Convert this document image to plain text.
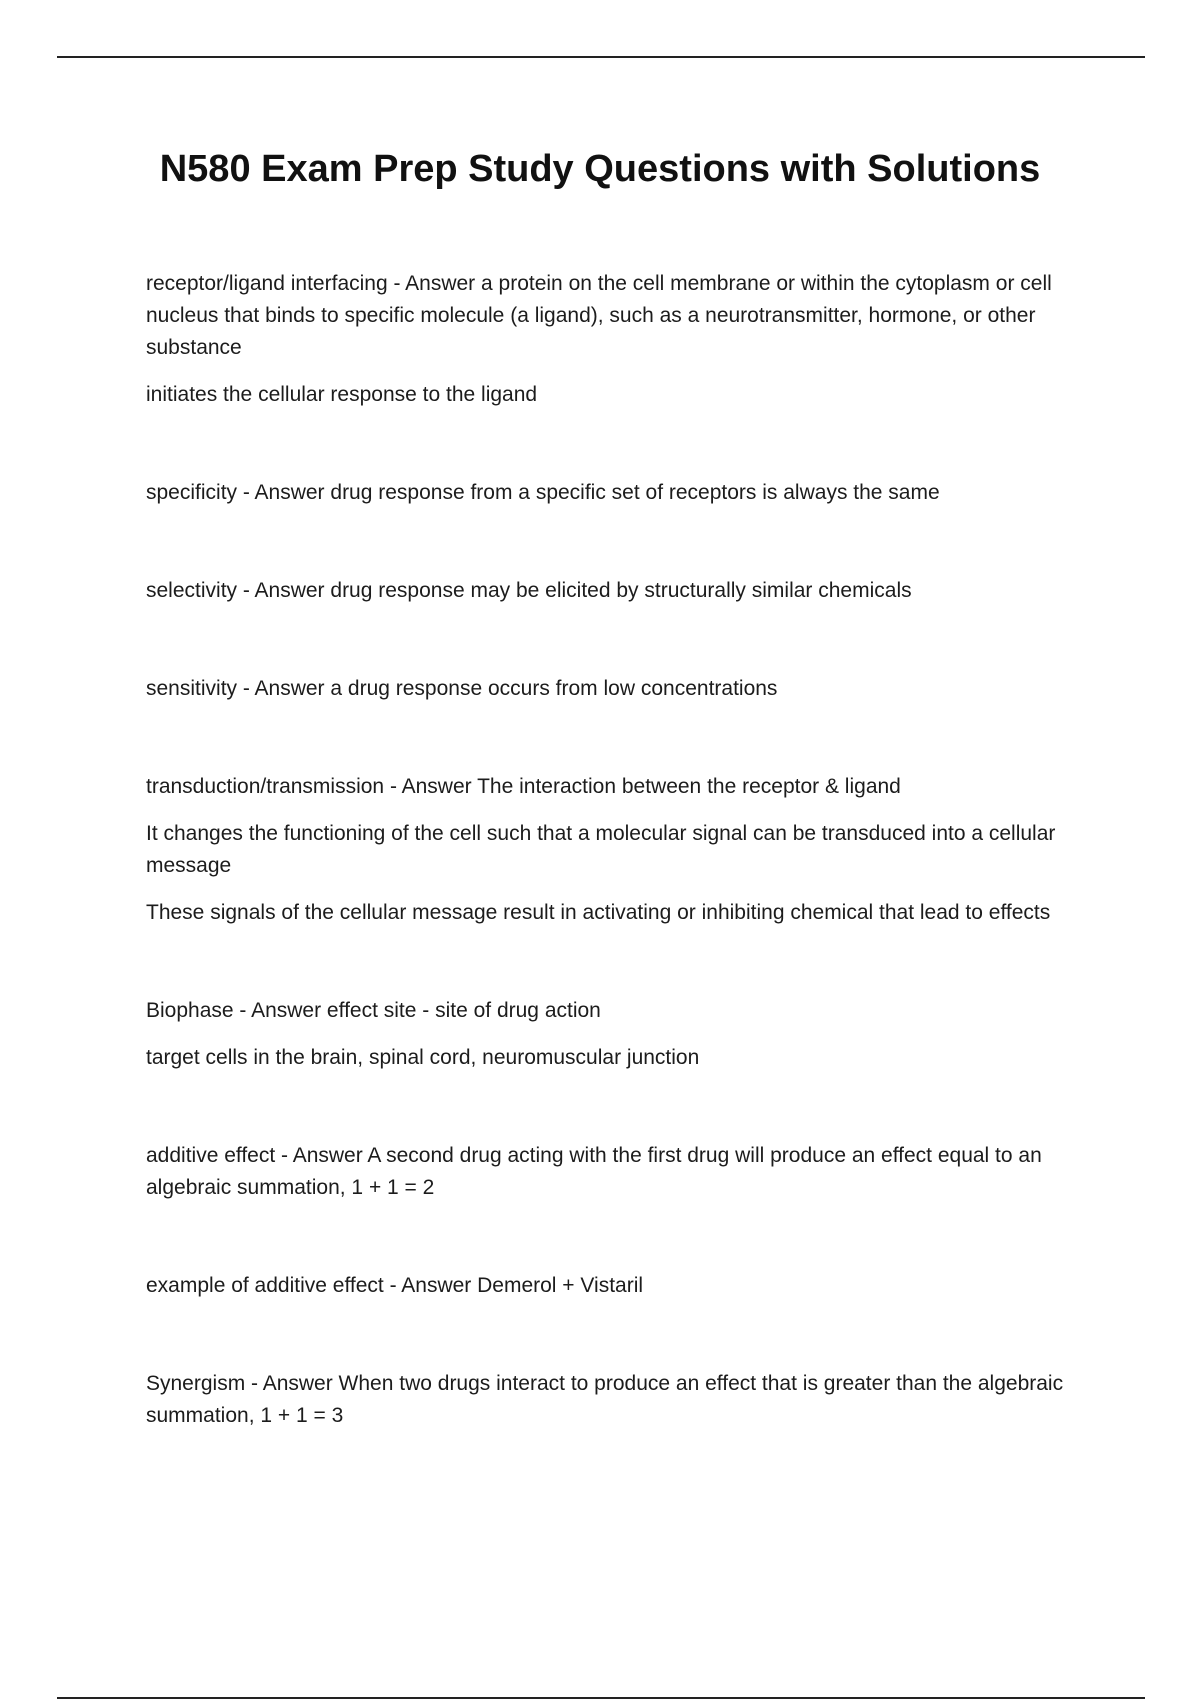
N580 Exam Prep Study Questions with Solutions

receptor/ligand interfacing - Answer a protein on the cell membrane or within the cytoplasm or cell nucleus that binds to specific molecule (a ligand), such as a neurotransmitter, hormone, or other substance

initiates the cellular response to the ligand

specificity - Answer drug response from a specific set of receptors is always the same

selectivity - Answer drug response may be elicited by structurally similar chemicals

sensitivity - Answer a drug response occurs from low concentrations

transduction/transmission - Answer The interaction between the receptor & ligand

It changes the functioning of the cell such that a molecular signal can be transduced into a cellular message

These signals of the cellular message result in activating or inhibiting chemical that lead to effects

Biophase - Answer effect site - site of drug action

target cells in the brain, spinal cord, neuromuscular junction

additive effect - Answer A second drug acting with the first drug will produce an effect equal to an algebraic summation, 1 + 1 = 2

example of additive effect - Answer Demerol + Vistaril

Synergism - Answer When two drugs interact to produce an effect that is greater than the algebraic summation, 1 + 1 = 3
